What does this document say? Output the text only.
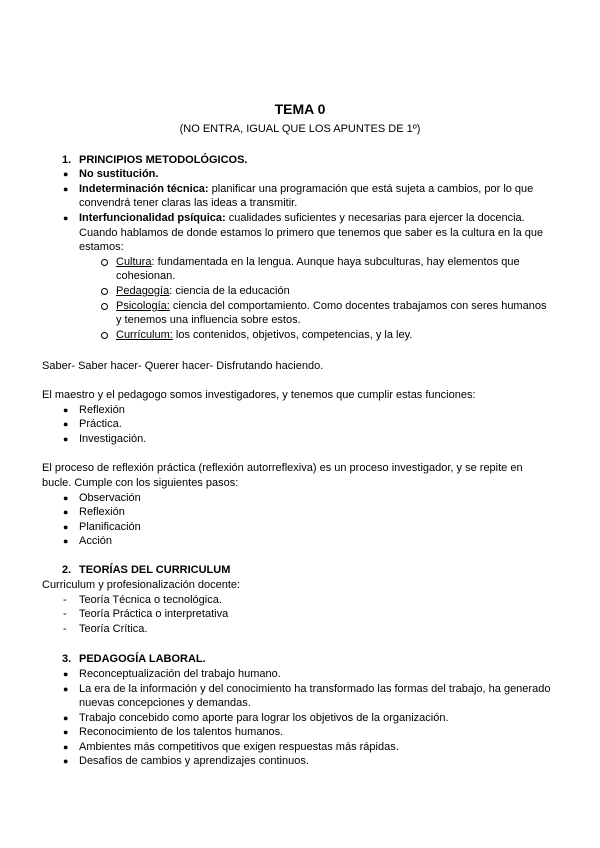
TEMA 0
(NO ENTRA, IGUAL QUE LOS APUNTES DE 1º)
1. PRINCIPIOS METODOLÓGICOS.
● No sustitución.
● Indeterminación técnica: planificar una programación que está sujeta a cambios, por lo que
convendrá tener claras las ideas a transmitir.
● Interfuncionalidad psíquica: cualidades suficientes y necesarias para ejercer la docencia.
Cuando hablamos de donde estamos lo primero que tenemos que saber es la cultura en la que
estamos:
Cultura: fundamentada en la lengua. Aunque haya subculturas, hay elementos que
cohesionan.
Pedagogía: ciencia de la educación
Psicología: ciencia del comportamiento. Como docentes trabajamos con seres humanos
y tenemos una influencia sobre estos.
Currículum: los contenidos, objetivos, competencias, y la ley.
Saber- Saber hacer- Querer hacer- Disfrutando haciendo.
El maestro y el pedagogo somos investigadores, y tenemos que cumplir estas funciones:
● Reflexión
● Práctica.
● Investigación.
El proceso de reflexión práctica (reflexión autorreflexiva) es un proceso investigador, y se repite en
bucle. Cumple con los siguientes pasos:
● Observación
● Reflexión
● Planificación
● Acción
2. TEORÍAS DEL CURRICULUM
Curriculum y profesionalización docente:
- Teoría Técnica o tecnológica.
- Teoría Práctica o interpretativa
- Teoría Crítica.
3. PEDAGOGÍA LABORAL.
● Reconceptualización del trabajo humano.
● La era de la información y del conocimiento ha transformado las formas del trabajo, ha generado
nuevas concepciones y demandas.
● Trabajo concebido como aporte para lograr los objetivos de la organización.
● Reconocimiento de los talentos humanos.
● Ambientes más competitivos que exigen respuestas más rápidas.
● Desafíos de cambios y aprendizajes continuos.
